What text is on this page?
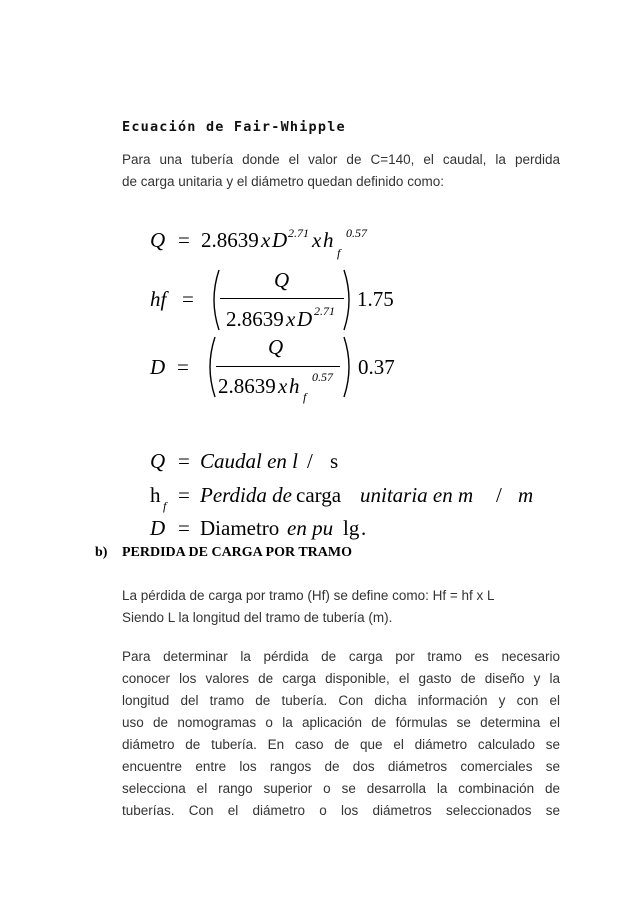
Ecuación de Fair-Whipple
Para una tubería donde el valor de C=140, el caudal, la perdida
de carga unitaria y el diámetro quedan definido como:
Q = 2.8639 x D 2.71 x h
f
0.57
hf =
Q
2.8639 x D 2.71 1.75
D =
Q
2.8639 x h f
0.57 0.37
Q = Caudal en l / s
h f = Perdida de carga unitaria en m / m
D = Diametro en pu lg .
b) PERDIDA DE CARGA POR TRAMO
La pérdida de carga por tramo (Hf) se define como: Hf = hf x L
Siendo L la longitud del tramo de tubería (m).
Para determinar la pérdida de carga por tramo es necesario
conocer los valores de carga disponible, el gasto de diseño y la
longitud del tramo de tubería. Con dicha información y con el
uso de nomogramas o la aplicación de fórmulas se determina el
diámetro de tubería. En caso de que el diámetro calculado se
encuentre entre los rangos de dos diámetros comerciales se
selecciona el rango superior o se desarrolla la combinación de
tuberías. Con el diámetro o los diámetros seleccionados se
